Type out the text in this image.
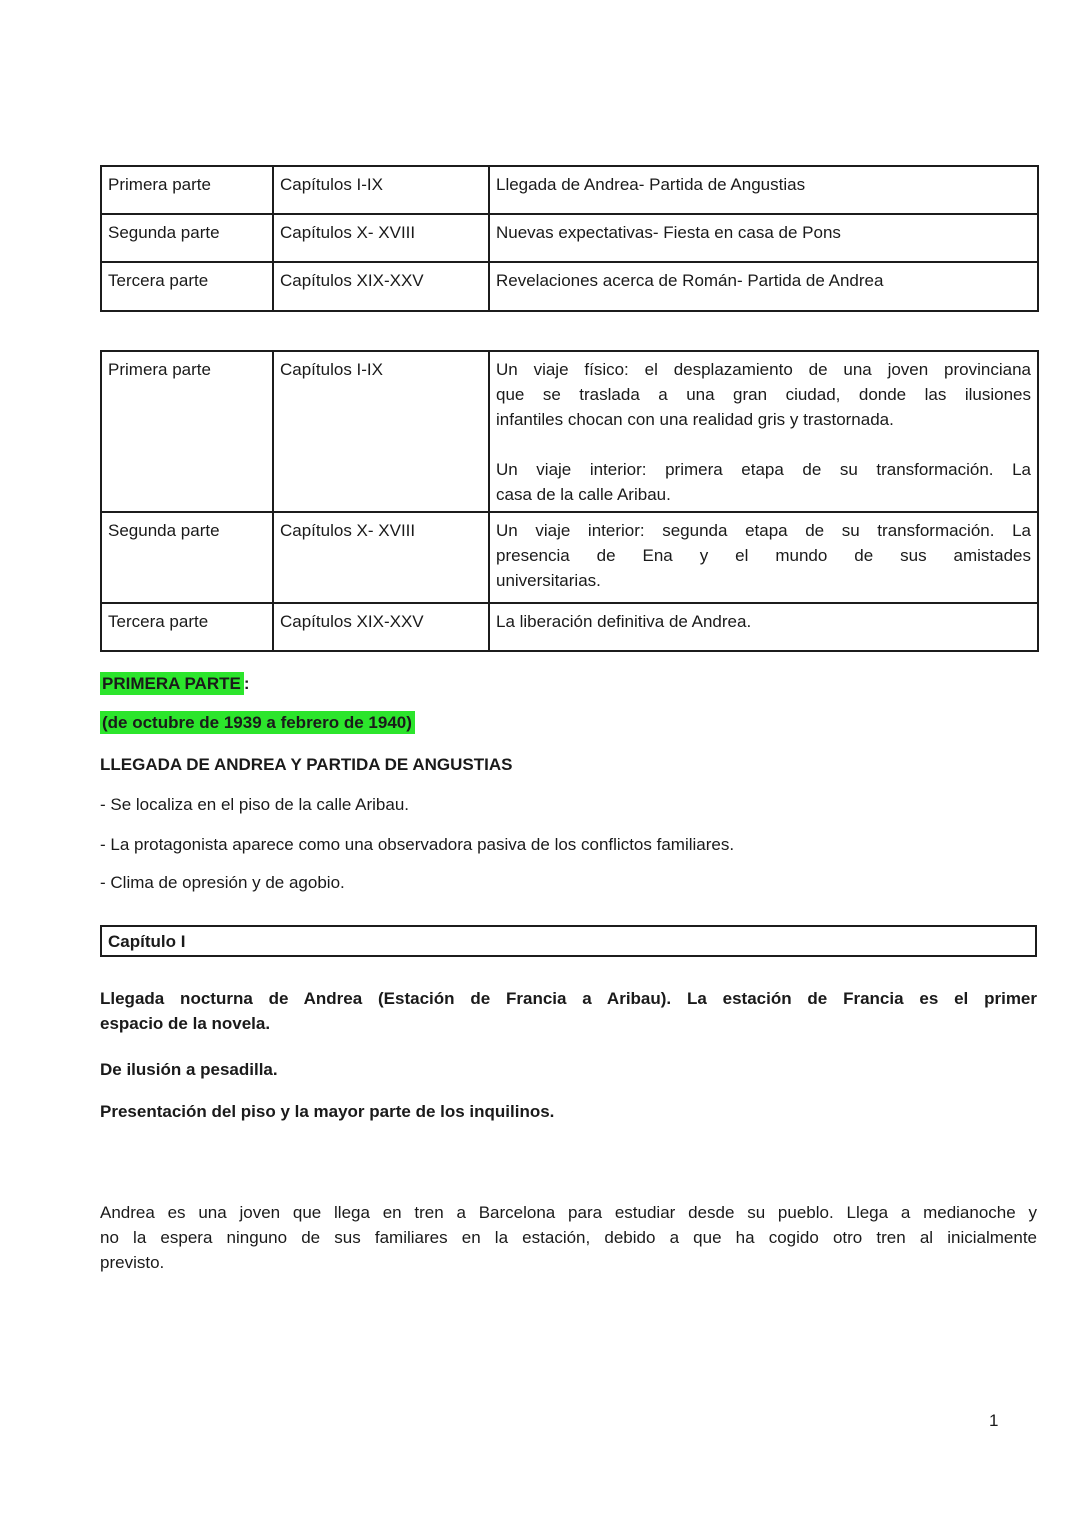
Primera parte	Capítulos I-IX	Llegada de Andrea- Partida de Angustias
Segunda parte	Capítulos X- XVIII	Nuevas expectativas- Fiesta en casa de Pons
Tercera parte	Capítulos XIX-XXV	Revelaciones acerca de Román- Partida de Andrea
Primera parte	Capítulos I-IX	Un viaje físico: el desplazamiento de una joven provinciana
que se traslada a una gran ciudad, donde las ilusiones
infantiles chocan con una realidad gris y trastornada.
Un viaje interior: primera etapa de su transformación. La
casa de la calle Aribau.

Segunda parte	Capítulos X- XVIII	Un viaje interior: segunda etapa de su transformación. La
presencia de Ena y el mundo de sus amistades
universitarias.

Tercera parte	Capítulos XIX-XXV	La liberación definitiva de Andrea.
PRIMERA PARTE :
(de octubre de 1939 a febrero de 1940)
LLEGADA DE ANDREA Y PARTIDA DE ANGUSTIAS
- Se localiza en el piso de la calle Aribau.
- La protagonista aparece como una observadora pasiva de los conflictos familiares.
- Clima de opresión y de agobio.
Capítulo I
Llegada nocturna de Andrea (Estación de Francia a Aribau). La estación de Francia es el primer
espacio de la novela.
De ilusión a pesadilla.
Presentación del piso y la mayor parte de los inquilinos.
Andrea es una joven que llega en tren a Barcelona para estudiar desde su pueblo. Llega a medianoche y
no la espera ninguno de sus familiares en la estación, debido a que ha cogido otro tren al inicialmente
previsto.
1
